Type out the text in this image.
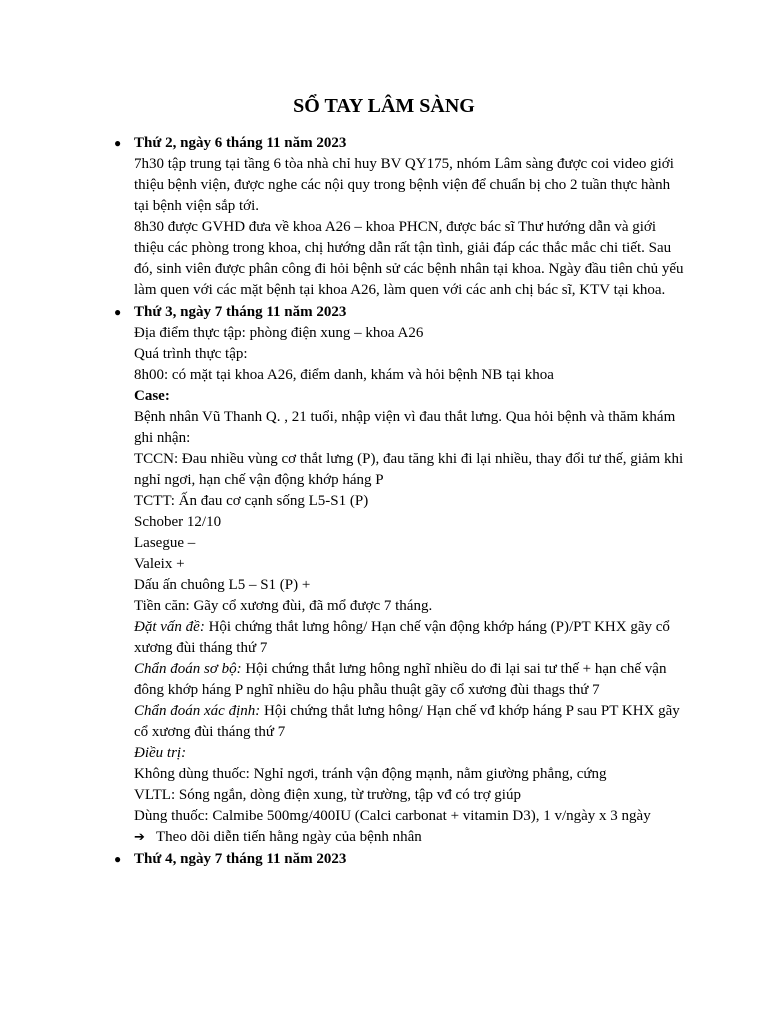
SỔ TAY LÂM SÀNG
● Thứ 2, ngày 6 tháng 11 năm 2023
7h30 tập trung tại tầng 6 tòa nhà chỉ huy BV QY175, nhóm Lâm sàng được coi video giới thiệu bệnh viện, được nghe các nội quy trong bệnh viện để chuẩn bị cho 2 tuần thực hành tại bệnh viện sắp tới.
8h30 được GVHD đưa về khoa A26 – khoa PHCN, được bác sĩ Thư hướng dẫn và giới thiệu các phòng trong khoa, chị hướng dẫn rất tận tình, giải đáp các thắc mắc chi tiết. Sau đó, sinh viên được phân công đi hỏi bệnh sử các bệnh nhân tại khoa. Ngày đầu tiên chủ yếu làm quen với các mặt bệnh tại khoa A26, làm quen với các anh chị bác sĩ, KTV tại khoa.
● Thứ 3, ngày 7 tháng 11 năm 2023
Địa điểm thực tập: phòng điện xung – khoa A26
Quá trình thực tập:
8h00: có mặt tại khoa A26, điểm danh, khám và hỏi bệnh NB tại khoa
Case:
Bệnh nhân Vũ Thanh Q. , 21 tuổi, nhập viện vì đau thắt lưng. Qua hỏi bệnh và thăm khám ghi nhận:
TCCN: Đau nhiều vùng cơ thắt lưng (P), đau tăng khi đi lại nhiều, thay đổi tư thế, giảm khi nghỉ ngơi, hạn chế vận động khớp háng P
TCTT: Ấn đau cơ cạnh sống L5-S1 (P)
Schober 12/10
Lasegue –
Valeix +
Dấu ấn chuông L5 – S1 (P) +
Tiền căn: Gãy cổ xương đùi, đã mổ được 7 tháng.
Đặt vấn đề: Hội chứng thắt lưng hông/ Hạn chế vận động khớp háng (P)/PT KHX gãy cổ xương đùi tháng thứ 7
Chẩn đoán sơ bộ: Hội chứng thắt lưng hông nghĩ nhiều do đi lại sai tư thế + hạn chế vận đông khớp háng P nghĩ nhiều do hậu phẫu thuật gãy cổ xương đùi thags thứ 7
Chẩn đoán xác định: Hội chứng thắt lưng hông/ Hạn chế vđ khớp háng P sau PT KHX gãy cổ xương đùi tháng thứ 7
Điều trị:
Không dùng thuốc: Nghỉ ngơi, tránh vận động mạnh, nằm giường phẳng, cứng
VLTL: Sóng ngắn, dòng điện xung, từ trường, tập vđ có trợ giúp
Dùng thuốc: Calmibe 500mg/400IU (Calci carbonat + vitamin D3), 1 v/ngày x 3 ngày
➔ Theo dõi diễn tiến hằng ngày của bệnh nhân
● Thứ 4, ngày 7 tháng 11 năm 2023
